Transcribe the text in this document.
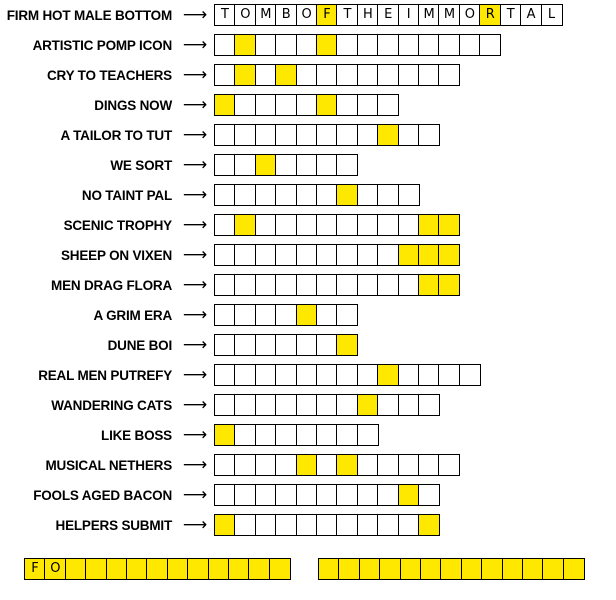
FIRM HOT MALE BOTTOM ⟶	T O M B O F T H E	I M M O R T A L
ARTISTIC POMP ICON ⟶
CRY TO TEACHERS ⟶
DINGS NOW ⟶
A TAILOR TO TUT ⟶
WE SORT ⟶
NO TAINT PAL ⟶
SCENIC TROPHY ⟶
SHEEP ON VIXEN ⟶
MEN DRAG FLORA ⟶
A GRIM ERA ⟶
DUNE BOI ⟶
REAL MEN PUTREFY ⟶
WANDERING CATS ⟶
LIKE BOSS ⟶
MUSICAL NETHERS ⟶
FOOLS AGED BACON ⟶
HELPERS SUBMIT ⟶
F O
